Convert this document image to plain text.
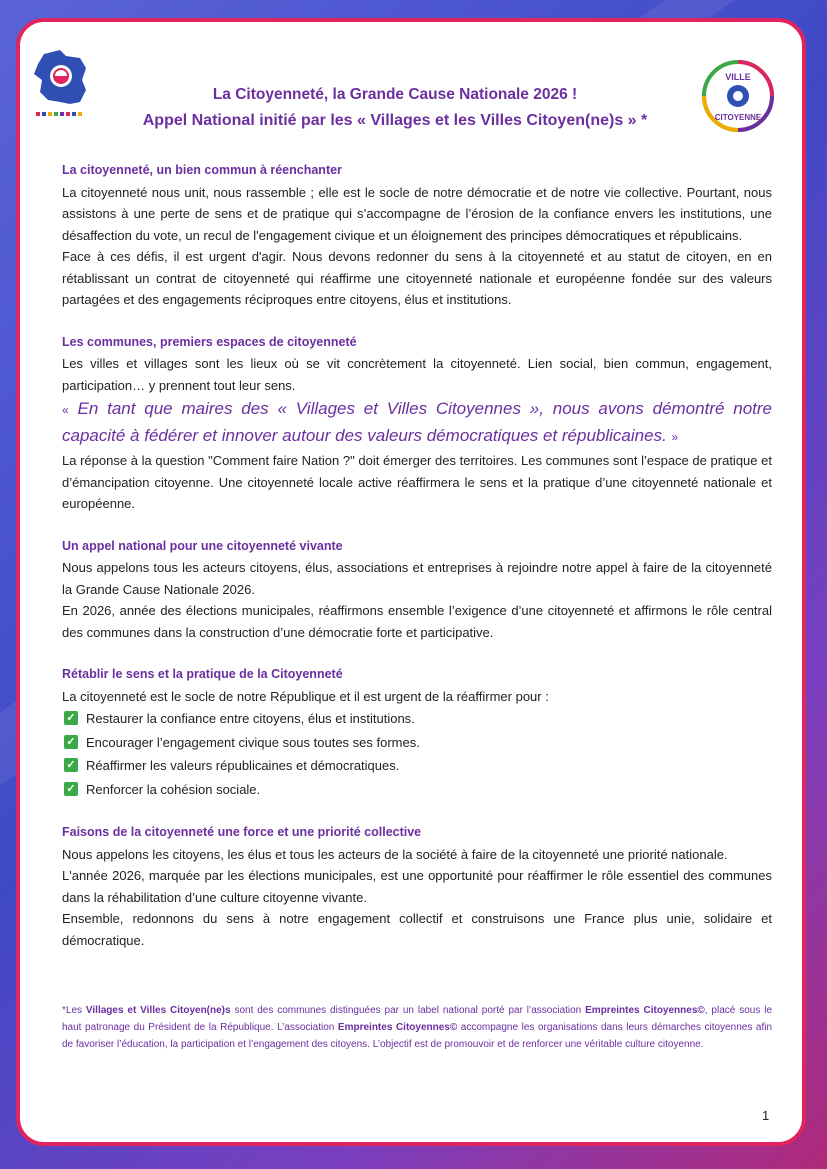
VILLE
CITOYENNE
La Citoyenneté, la Grande Cause Nationale 2026 !
Appel National initié par les « Villages et les Villes Citoyen(ne)s » *

La citoyenneté, un bien commun à réenchanter

La citoyenneté nous unit, nous rassemble ; elle est le socle de notre démocratie et de notre vie collective. Pourtant, nous assistons à une perte de sens et de pratique qui s’accompagne de l’érosion de la confiance envers les institutions, une désaffection du vote, un recul de l'engagement civique et un éloignement des principes démocratiques et républicains.

Face à ces défis, il est urgent d'agir. Nous devons redonner du sens à la citoyenneté et au statut de citoyen, en en rétablissant un contrat de citoyenneté qui réaffirme une citoyenneté nationale et européenne fondée sur des valeurs partagées et des engagements réciproques entre citoyens, élus et institutions.

Les communes, premiers espaces de citoyenneté

Les villes et villages sont les lieux où se vit concrètement la citoyenneté. Lien social, bien commun, engagement, participation… y prennent tout leur sens.

« En tant que maires des « Villages et Villes Citoyennes », nous avons démontré notre capacité à fédérer et innover autour des valeurs démocratiques et républicaines. »

La réponse à la question "Comment faire Nation ?" doit émerger des territoires. Les communes sont l’espace de pratique et d’émancipation citoyenne. Une citoyenneté locale active réaffirmera le sens et la pratique d’une citoyenneté nationale et européenne.

Un appel national pour une citoyenneté vivante

Nous appelons tous les acteurs citoyens, élus, associations et entreprises à rejoindre notre appel à faire de la citoyenneté la Grande Cause Nationale 2026.

En 2026, année des élections municipales, réaffirmons ensemble l’exigence d’une citoyenneté et affirmons le rôle central des communes dans la construction d’une démocratie forte et participative.

Rétablir le sens et la pratique de la Citoyenneté

La citoyenneté est le socle de notre République et il est urgent de la réaffirmer pour :

✓ Restaurer la confiance entre citoyens, élus et institutions.
✓ Encourager l’engagement civique sous toutes ses formes.
✓ Réaffirmer les valeurs républicaines et démocratiques.
✓ Renforcer la cohésion sociale.

Faisons de la citoyenneté une force et une priorité collective

Nous appelons les citoyens, les élus et tous les acteurs de la société à faire de la citoyenneté une priorité nationale.

L'année 2026, marquée par les élections municipales, est une opportunité pour réaffirmer le rôle essentiel des communes dans la réhabilitation d’une culture citoyenne vivante.

Ensemble, redonnons du sens à notre engagement collectif et construisons une France plus unie, solidaire et démocratique.

*Les Villages et Villes Citoyen(ne)s sont des communes distinguées par un label national porté par l’association Empreintes Citoyennes©, placé sous le haut patronage du Président de la République. L’association Empreintes Citoyennes© accompagne les organisations dans leurs démarches citoyennes afin de favoriser l’éducation, la participation et l’engagement des citoyens. L’objectif est de promouvoir et de renforcer une véritable culture citoyenne.
1
